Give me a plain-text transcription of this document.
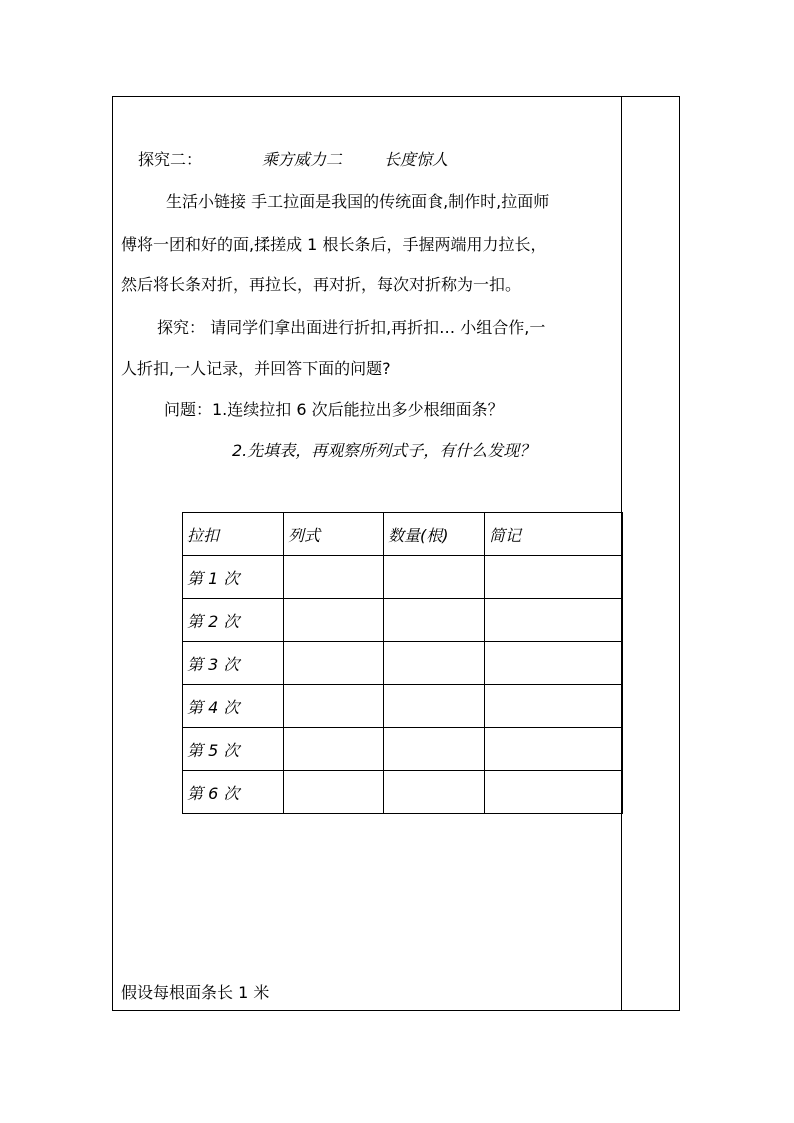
探究二：	乘方威力二	长度惊人
生活小链接 手工拉面是我国的传统面食,制作时,拉面师
傅将一团和好的面,揉搓成 1 根长条后，手握两端用力拉长，
然后将长条对折，再拉长，再对折，每次对折称为一扣。
探究： 请同学们拿出面进行折扣,再折扣… 小组合作,一
人折扣,一人记录，并回答下面的问题?
问题：1.连续拉扣 6 次后能拉出多少根细面条？
2.先填表，再观察所列式子，有什么发现？
拉扣	列式	数量(根)	简记
第 1 次			
第 2 次			
第 3 次			
第 4 次			
第 5 次			
第 6 次			
假设每根面条长 1 米
